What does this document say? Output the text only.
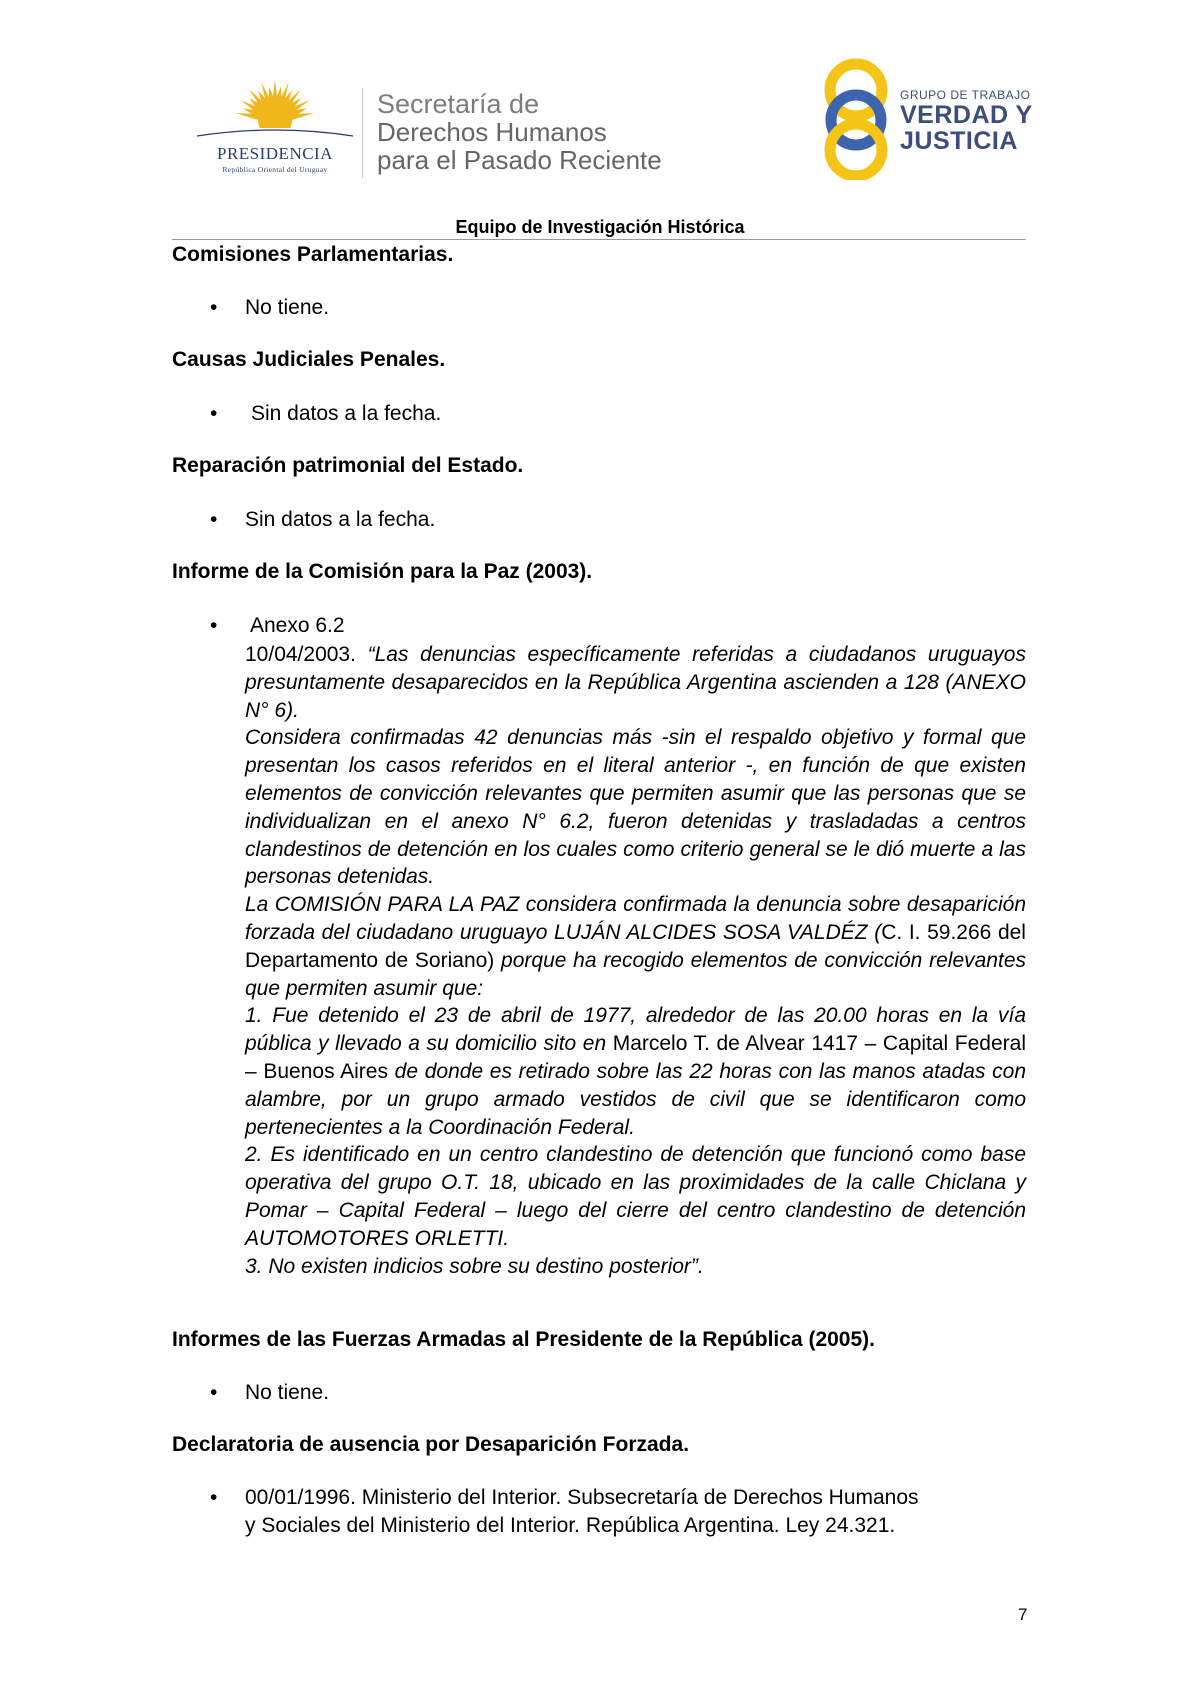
PRESIDENCIA
República Oriental del Uruguay
Secretaría de
Derechos Humanos
para el Pasado Reciente
GRUPO DE TRABAJO
VERDAD Y
JUSTICIA
Equipo de Investigación Histórica
Comisiones Parlamentarias.
• No tiene.
Causas Judiciales Penales.
• Sin datos a la fecha.
Reparación patrimonial del Estado.
• Sin datos a la fecha.
Informe de la Comisión para la Paz (2003).
• Anexo 6.2

10/04/2003. “Las denuncias específicamente referidas a ciudadanos uruguayos presuntamente desaparecidos en la República Argentina ascienden a 128 (ANEXO N° 6).

Considera confirmadas 42 denuncias más -sin el respaldo objetivo y formal que presentan los casos referidos en el literal anterior -, en función de que existen elementos de convicción relevantes que permiten asumir que las personas que se individualizan en el anexo N° 6.2, fueron detenidas y trasladadas a centros clandestinos de detención en los cuales como criterio general se le dió muerte a las personas detenidas.

La COMISIÓN PARA LA PAZ considera confirmada la denuncia sobre desaparición forzada del ciudadano uruguayo LUJÁN ALCIDES SOSA VALDÉZ (C. I. 59.266 del Departamento de Soriano) porque ha recogido elementos de convicción relevantes que permiten asumir que:

1. Fue detenido el 23 de abril de 1977, alrededor de las 20.00 horas en la vía pública y llevado a su domicilio sito en Marcelo T. de Alvear 1417 – Capital Federal – Buenos Aires de donde es retirado sobre las 22 horas con las manos atadas con alambre, por un grupo armado vestidos de civil que se identificaron como pertenecientes a la Coordinación Federal.

2. Es identificado en un centro clandestino de detención que funcionó como base operativa del grupo O.T. 18, ubicado en las proximidades de la calle Chiclana y Pomar – Capital Federal – luego del cierre del centro clandestino de detención AUTOMOTORES ORLETTI.

3. No existen indicios sobre su destino posterior”.

Informes de las Fuerzas Armadas al Presidente de la República (2005).
• No tiene.
Declaratoria de ausencia por Desaparición Forzada.
• 00/01/1996. Ministerio del Interior. Subsecretaría de Derechos Humanos
y Sociales del Ministerio del Interior. República Argentina. Ley 24.321.
7
